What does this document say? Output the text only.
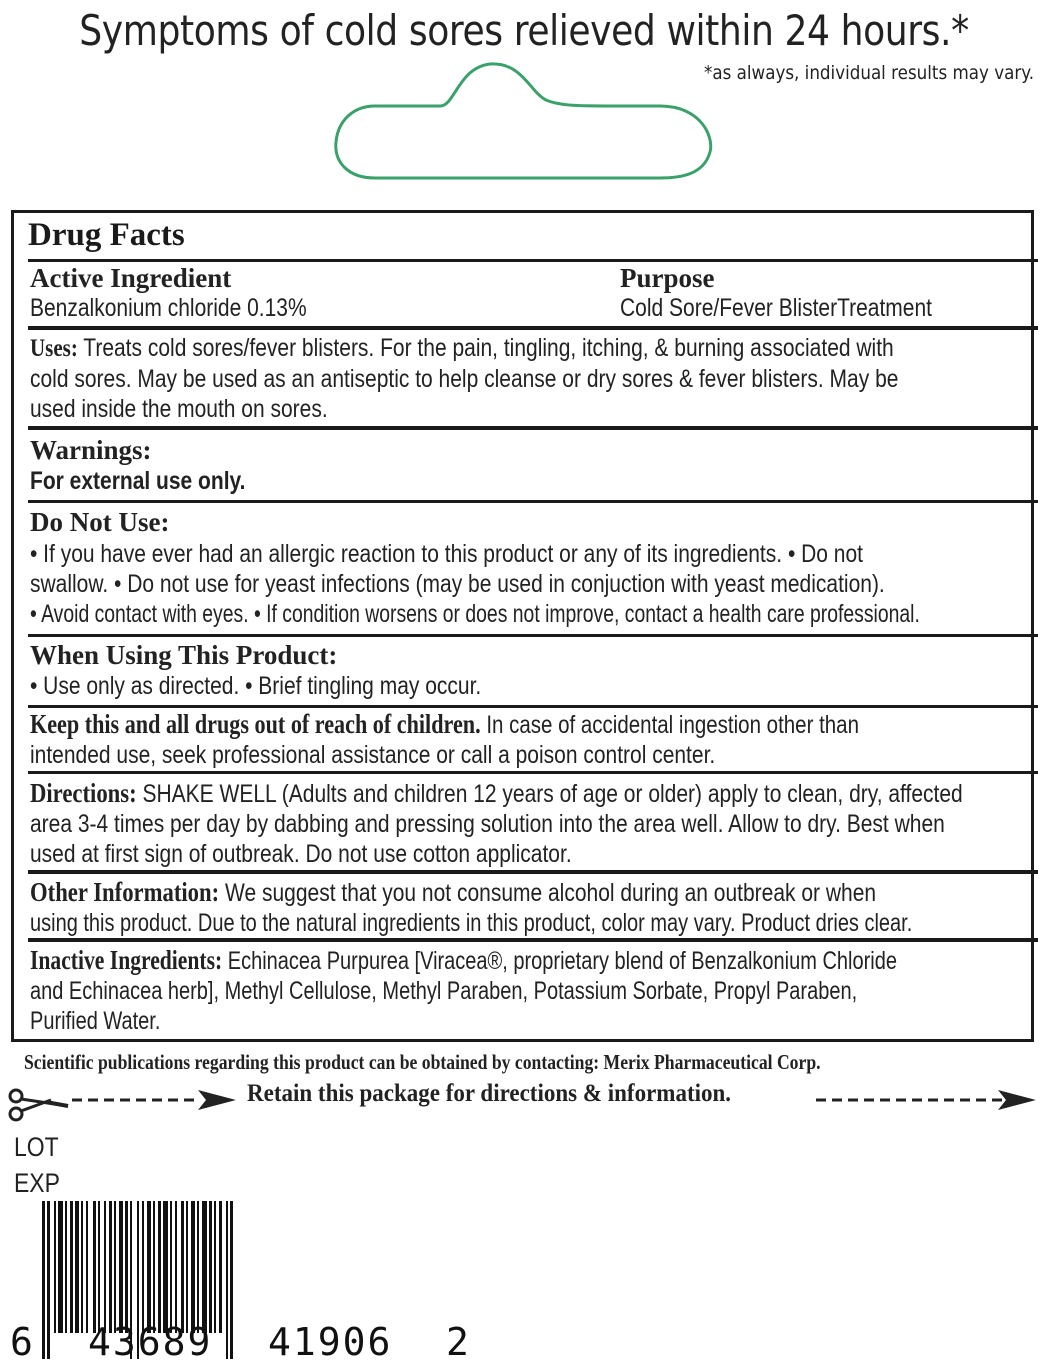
Symptoms of cold sores relieved within 24 hours.*
*as always, individual results may vary.
Drug Facts
Active Ingredient	Purpose
Benzalkonium chloride 0.13%	Cold Sore/Fever BlisterTreatment
Uses: Treats cold sores/fever blisters. For the pain, tingling, itching, & burning associated with
cold sores. May be used as an antiseptic to help cleanse or dry sores & fever blisters. May be
used inside the mouth on sores.
Warnings:
For external use only.
Do Not Use:
• If you have ever had an allergic reaction to this product or any of its ingredients. • Do not
swallow. • Do not use for yeast infections (may be used in conjuction with yeast medication).
• Avoid contact with eyes. • If condition worsens or does not improve, contact a health care professional.
When Using This Product:
• Use only as directed. • Brief tingling may occur.
Keep this and all drugs out of reach of children. In case of accidental ingestion other than
intended use, seek professional assistance or call a poison control center.
Directions: SHAKE WELL (Adults and children 12 years of age or older) apply to clean, dry, affected
area 3-4 times per day by dabbing and pressing solution into the area well. Allow to dry. Best when
used at first sign of outbreak. Do not use cotton applicator.
Other Information: We suggest that you not consume alcohol during an outbreak or when
using this product. Due to the natural ingredients in this product, color may vary. Product dries clear.
Inactive Ingredients: Echinacea Purpurea [Viracea®, proprietary blend of Benzalkonium Chloride
and Echinacea herb], Methyl Cellulose, Methyl Paraben, Potassium Sorbate, Propyl Paraben,
Purified Water.
Scientific publications regarding this product can be obtained by contacting: Merix Pharmaceutical Corp.
Retain this package for directions & information.
LOT
EXP
6 43689 41906 2
